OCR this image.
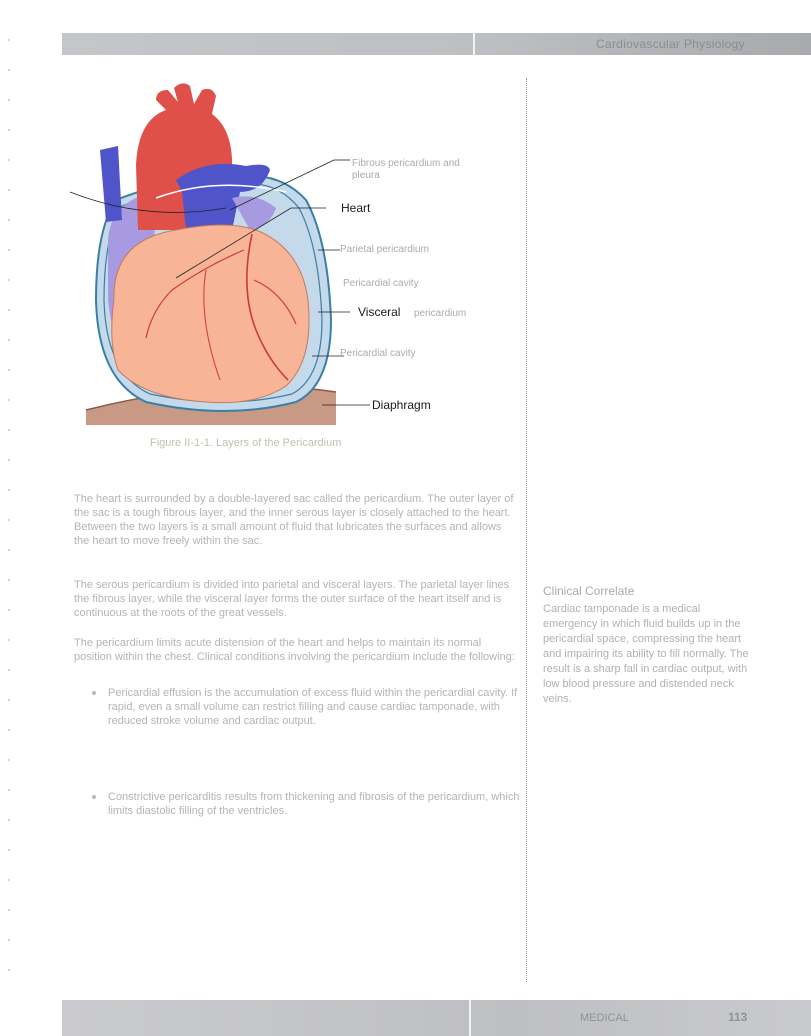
Cardiovascular Physiology
Heart
Visceral
Diaphragm
Fibrous pericardium and pleura
Parietal pericardium
Pericardial cavity
pericardium
Pericardial cavity
Figure II-1-1. Layers of the Pericardium
The heart is surrounded by a double-layered sac called the pericardium. The outer layer of the sac is a tough fibrous layer, and the inner serous layer is closely attached to the heart. Between the two layers is a small amount of fluid that lubricates the surfaces and allows the heart to move freely within the sac.
The serous pericardium is divided into parietal and visceral layers. The parietal layer lines the fibrous layer, while the visceral layer forms the outer surface of the heart itself and is continuous at the roots of the great vessels.
The pericardium limits acute distension of the heart and helps to maintain its normal position within the chest. Clinical conditions involving the pericardium include the following:
Pericardial effusion is the accumulation of excess fluid within the pericardial cavity. If rapid, even a small volume can restrict filling and cause cardiac tamponade, with reduced stroke volume and cardiac output.
Constrictive pericarditis results from thickening and fibrosis of the pericardium, which limits diastolic filling of the ventricles.
Clinical Correlate
Cardiac tamponade is a medical emergency in which fluid builds up in the pericardial space, compressing the heart and impairing its ability to fill normally. The result is a sharp fall in cardiac output, with low blood pressure and distended neck veins.
MEDICAL	113
